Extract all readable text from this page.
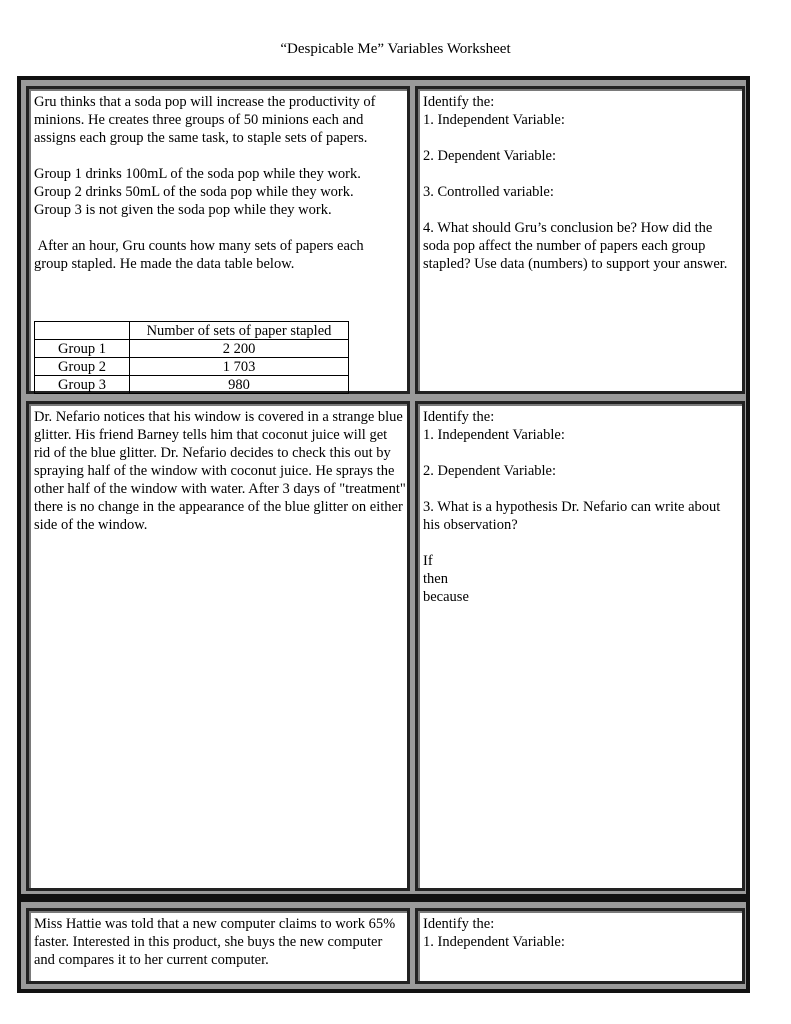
“Despicable Me” Variables Worksheet

Gru thinks that a soda pop will increase the productivity of minions. He creates three groups of 50 minions each and assigns each group the same task, to staple sets of papers.

Group 1 drinks 100mL of the soda pop while they work.

Group 2 drinks 50mL of the soda pop while they work.

Group 3 is not given the soda pop while they work.

After an hour, Gru counts how many sets of papers each group stapled. He made the data table below.

	Number of sets of paper stapled
Group 1	2 200
Group 2	1 703
Group 3	980

Identify the:

1. Independent Variable:

2. Dependent Variable:

3. Controlled variable:

4. What should Gru’s conclusion be? How did the soda pop affect the number of papers each group stapled? Use data (numbers) to support your answer.

Dr. Nefario notices that his window is covered in a strange blue glitter. His friend Barney tells him that coconut juice will get rid of the blue glitter. Dr. Nefario decides to check this out by spraying half of the window with coconut juice. He sprays the other half of the window with water. After 3 days of "treatment" there is no change in the appearance of the blue glitter on either side of the window.

Identify the:

1. Independent Variable:

2. Dependent Variable:

3. What is a hypothesis Dr. Nefario can write about his observation?

If

then

because

Miss Hattie was told that a new computer claims to work 65% faster. Interested in this product, she buys the new computer and compares it to her current computer.

Identify the:

1. Independent Variable:
